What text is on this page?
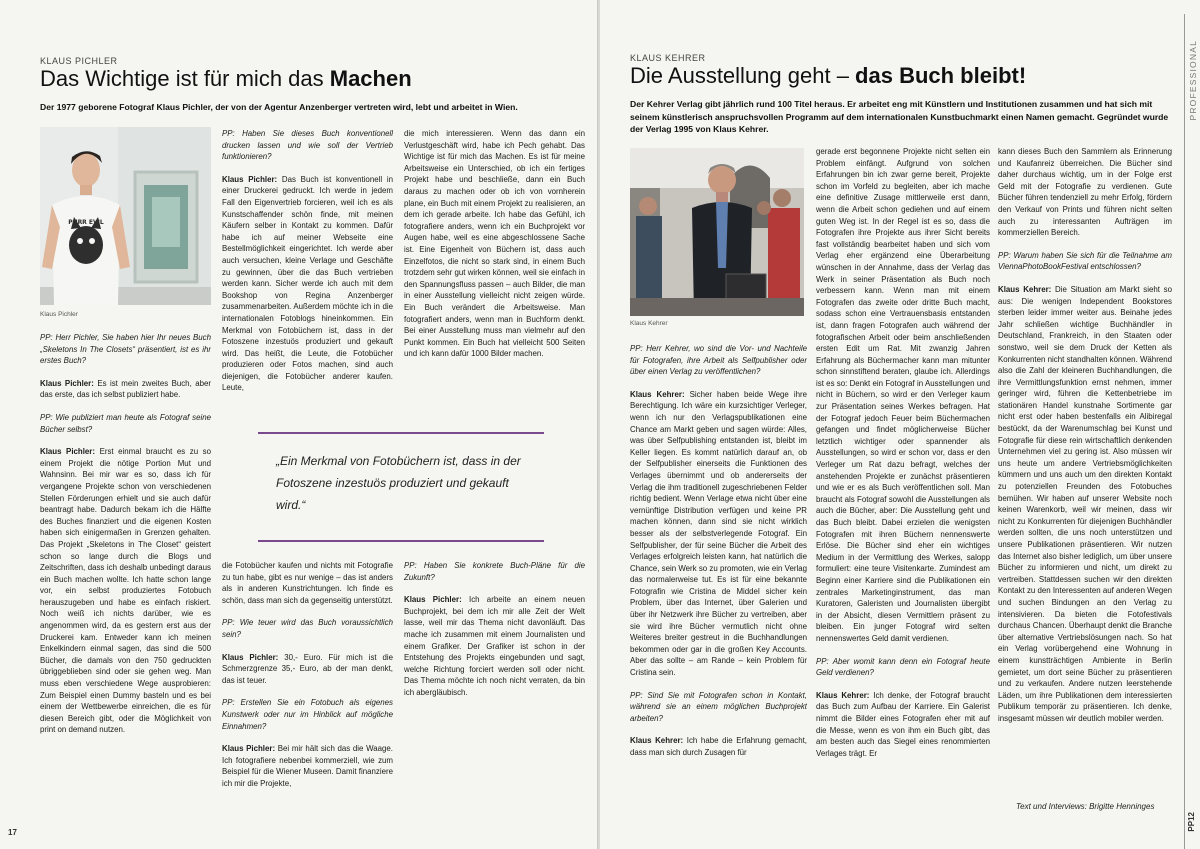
KLAUS PICHLER
Das Wichtige ist für mich das Machen
Der 1977 geborene Fotograf Klaus Pichler, der von der Agentur Anzenberger vertreten wird, lebt und arbeitet in Wien.
PURR EVIL
Klaus Pichler

PP: Herr Pichler, Sie haben hier Ihr neues Buch „Skeletons In The Closets“ präsentiert, ist es ihr erstes Buch?

Klaus Pichler: Es ist mein zweites Buch, aber das erste, das ich selbst publiziert habe.

PP: Wie publiziert man heute als Fotograf seine Bücher selbst?

Klaus Pichler: Erst einmal braucht es zu so einem Projekt die nötige Portion Mut und Wahnsinn. Bei mir war es so, dass ich für vergangene Projekte schon von verschiedenen Stellen Förderungen erhielt und sie auch dafür beantragt habe. Dadurch bekam ich die Hälfte des Buches finanziert und die eigenen Kosten haben sich einigermaßen in Grenzen gehalten. Das Projekt „Skeletons in The Closet“ geistert schon so lange durch die Blogs und Zeitschriften, dass ich deshalb unbedingt daraus ein Buch machen wollte. Ich hatte schon lange vor, ein selbst produziertes Fotobuch herauszugeben und habe es einfach riskiert. Noch weiß ich nichts darüber, wie es angenommen wird, da es gestern erst aus der Druckerei kam. Entweder kann ich meinen Enkelkindern einmal sagen, das sind die 500 Bücher, die damals von den 750 gedruckten übriggeblieben sind oder sie gehen weg. Man muss eben verschiedene Wege ausprobieren: Zum Beispiel einen Dummy basteln und es bei einem der Wettbewerbe einreichen, die es für diesen Bereich gibt, oder die Möglichkeit von print on demand nutzen.

PP: Haben Sie dieses Buch konventionell drucken lassen und wie soll der Vertrieb funktionieren?

Klaus Pichler: Das Buch ist konventionell in einer Druckerei gedruckt. Ich werde in jedem Fall den Eigenvertrieb forcieren, weil ich es als Kunstschaffender schön finde, mit meinen Käufern selber in Kontakt zu kommen. Dafür habe ich auf meiner Webseite eine Bestellmöglichkeit eingerichtet. Ich werde aber auch versuchen, kleine Verlage und Geschäfte zu gewinnen, über die das Buch vertrieben werden kann. Sicher werde ich auch mit dem Bookshop von Regina Anzenberger zusammenarbeiten. Außerdem möchte ich in die internationalen Fotoblogs hineinkommen. Ein Merkmal von Fotobüchern ist, dass in der Fotoszene inzestuös produziert und gekauft wird. Das heißt, die Leute, die Fotobücher produzieren oder Fotos machen, sind auch diejenigen, die Fotobücher anderer kaufen. Leute,

die mich interessieren. Wenn das dann ein Verlustgeschäft wird, habe ich Pech gehabt. Das Wichtige ist für mich das Machen. Es ist für meine Arbeitsweise ein Unterschied, ob ich ein fertiges Projekt habe und beschließe, dann ein Buch daraus zu machen oder ob ich von vornherein plane, ein Buch mit einem Projekt zu realisieren, an dem ich gerade arbeite. Ich habe das Gefühl, ich fotografiere anders, wenn ich ein Buchprojekt vor Augen habe, weil es eine abgeschlossene Sache ist. Eine Eigenheit von Büchern ist, dass auch Einzelfotos, die nicht so stark sind, in einem Buch trotzdem sehr gut wirken können, weil sie einfach in den Spannungsfluss passen – auch Bilder, die man in einer Ausstellung vielleicht nicht zeigen würde. Ein Buch verändert die Arbeitsweise. Man fotografiert anders, wenn man in Buchform denkt. Bei einer Ausstellung muss man vielmehr auf den Punkt kommen. Ein Buch hat vielleicht 500 Seiten und ich kann dafür 1000 Bilder machen.

„Ein Merkmal von Fotobüchern ist, dass in der Fotoszene inzestuös produziert und gekauft wird.“

die Fotobücher kaufen und nichts mit Fotografie zu tun habe, gibt es nur wenige – das ist anders als in anderen Kunstrichtungen. Ich finde es schön, dass man sich da gegenseitig unterstützt.

PP: Wie teuer wird das Buch voraussichtlich sein?

Klaus Pichler: 30,- Euro. Für mich ist die Schmerzgrenze 35,- Euro, ab der man denkt, das ist teuer.

PP: Erstellen Sie ein Fotobuch als eigenes Kunstwerk oder nur im Hinblick auf mögliche Einnahmen?

Klaus Pichler: Bei mir hält sich das die Waage. Ich fotografiere nebenbei kommerziell, wie zum Beispiel für die Wiener Museen. Damit finanziere ich mir die Projekte,

PP: Haben Sie konkrete Buch-Pläne für die Zukunft?

Klaus Pichler: Ich arbeite an einem neuen Buchprojekt, bei dem ich mir alle Zeit der Welt lasse, weil mir das Thema nicht davonläuft. Das mache ich zusammen mit einem Journalisten und einem Grafiker. Der Grafiker ist schon in der Entstehung des Projekts eingebunden und sagt, welche Richtung forciert werden soll oder nicht. Das Thema möchte ich noch nicht verraten, da bin ich abergläubisch.

17
KLAUS KEHRER
Die Ausstellung geht – das Buch bleibt!
Der Kehrer Verlag gibt jährlich rund 100 Titel heraus. Er arbeitet eng mit Künstlern und Institutionen zusammen und hat sich mit seinem künstlerisch anspruchsvollen Programm auf dem internationalen Kunstbuchmarkt einen Namen gemacht. Gegründet wurde der Verlag 1995 von Klaus Kehrer.
Klaus Kehrer

PP: Herr Kehrer, wo sind die Vor- und Nachteile für Fotografen, ihre Arbeit als Selfpublisher oder über einen Verlag zu veröffentlichen?

Klaus Kehrer: Sicher haben beide Wege ihre Berechtigung. Ich wäre ein kurzsichtiger Verleger, wenn ich nur den Verlagspublikationen eine Chance am Markt geben und sagen würde: Alles, was über Selfpublishing entstanden ist, bleibt im Keller liegen. Es kommt natürlich darauf an, ob der Selfpublisher einerseits die Funktionen des Verlages übernimmt und ob andererseits der Verlag die ihm traditionell zugeschriebenen Felder richtig bedient. Wenn Verlage etwa nicht über eine vernünftige Distribution verfügen und keine PR machen können, dann sind sie nicht wirklich besser als der selbstverlegende Fotograf. Ein Selfpublisher, der für seine Bücher die Arbeit des Verlages erfolgreich leisten kann, hat natürlich die Chance, sein Werk so zu promoten, wie ein Verlag das normalerweise tut. Es ist für eine bekannte Fotografin wie Cristina de Middel sicher kein Problem, über das Internet, über Galerien und über ihr Netzwerk ihre Bücher zu vertreiben, aber sie wird ihre Bücher vermutlich nicht ohne Weiteres breiter gestreut in die Buchhandlungen bekommen oder gar in die großen Key Accounts. Aber das sollte – am Rande – kein Problem für Cristina sein.

PP: Sind Sie mit Fotografen schon in Kontakt, während sie an einem möglichen Buchprojekt arbeiten?

Klaus Kehrer: Ich habe die Erfahrung gemacht, dass man sich durch Zusagen für

gerade erst begonnene Projekte nicht selten ein Problem einfängt. Aufgrund von solchen Erfahrungen bin ich zwar gerne bereit, Projekte schon im Vorfeld zu begleiten, aber ich mache eine definitive Zusage mittlerweile erst dann, wenn die Arbeit schon gediehen und auf einem guten Weg ist. In der Regel ist es so, dass die Fotografen ihre Projekte aus ihrer Sicht bereits fast vollständig bearbeitet haben und sich vom Verlag eher ergänzend eine Überarbeitung wünschen in der Annahme, dass der Verlag das Werk in seiner Präsentation als Buch noch verbessern kann. Wenn man mit einem Fotografen das zweite oder dritte Buch macht, sodass schon eine Vertrauensbasis entstanden ist, dann fragen Fotografen auch während der fotografischen Arbeit oder beim anschließenden ersten Edit um Rat. Mit zwanzig Jahren Erfahrung als Büchermacher kann man mitunter schon sinnstiftend beraten, glaube ich. Allerdings ist es so: Denkt ein Fotograf in Ausstellungen und nicht in Büchern, so wird er den Verleger kaum zur Präsentation seines Werkes befragen. Hat der Fotograf jedoch Feuer beim Büchermachen gefangen und findet möglicherweise Bücher letztlich wichtiger oder spannender als Ausstellungen, so wird er schon vor, dass er den Verleger um Rat dazu befragt, welches der anstehenden Projekte er zunächst präsentieren und wie er es als Buch veröffentlichen soll. Man braucht als Fotograf sowohl die Ausstellungen als auch die Bücher, aber: Die Ausstellung geht und das Buch bleibt. Dabei erzielen die wenigsten Fotografen mit ihren Büchern nennenswerte Erlöse. Die Bücher sind eher ein wichtiges Medium in der Vermittlung des Werkes, salopp formuliert: eine teure Visitenkarte. Zumindest am Beginn einer Karriere sind die Publikationen ein zentrales Marketinginstrument, das man Kuratoren, Galeristen und Journalisten übergibt in der Absicht, diesen Vermittlern präsent zu bleiben. Ein junger Fotograf wird selten nennenswertes Geld damit verdienen.

PP: Aber womit kann denn ein Fotograf heute Geld verdienen?

Klaus Kehrer: Ich denke, der Fotograf braucht das Buch zum Aufbau der Karriere. Ein Galerist nimmt die Bilder eines Fotografen eher mit auf die Messe, wenn es von ihm ein Buch gibt, das am besten auch das Siegel eines renommierten Verlages trägt. Er

kann dieses Buch den Sammlern als Erinnerung und Kaufanreiz überreichen. Die Bücher sind daher durchaus wichtig, um in der Folge erst Geld mit der Fotografie zu verdienen. Gute Bücher führen tendenziell zu mehr Erfolg, fördern den Verkauf von Prints und führen nicht selten auch zu interessanten Aufträgen im kommerziellen Bereich.

PP: Warum haben Sie sich für die Teilnahme am ViennaPhotoBookFestival entschlossen?

Klaus Kehrer: Die Situation am Markt sieht so aus: Die wenigen Independent Bookstores sterben leider immer weiter aus. Beinahe jedes Jahr schließen wichtige Buchhändler in Deutschland, Frankreich, in den Staaten oder sonstwo, weil sie dem Druck der Ketten als Konkurrenten nicht standhalten können. Während also die Zahl der kleineren Buchhandlungen, die ihre Vermittlungsfunktion ernst nehmen, immer geringer wird, führen die Kettenbetriebe im stationären Handel kunstnahe Sortimente gar nicht erst oder haben bestenfalls ein Alibiregal bestückt, da der Warenumschlag bei Kunst und Fotografie für diese rein wirtschaftlich denkenden Unternehmen viel zu gering ist. Also müssen wir uns heute um andere Vertriebsmöglichkeiten kümmern und uns auch um den direkten Kontakt zu potenziellen Freunden des Fotobuches bemühen. Wir haben auf unserer Website noch keinen Warenkorb, weil wir meinen, dass wir nicht zu Konkurrenten für diejenigen Buchhändler werden sollten, die uns noch unterstützen und unsere Publikationen präsentieren. Wir nutzen das Internet also bisher lediglich, um über unsere Bücher zu informieren und nicht, um direkt zu vertreiben. Stattdessen suchen wir den direkten Kontakt zu den Interessenten auf anderen Wegen und suchen Bindungen an den Verlag zu intensivieren. Da bieten die Fotofestivals durchaus Chancen. Überhaupt denkt die Branche über alternative Vertriebslösungen nach. So hat ein Verlag vorübergehend eine Wohnung in einem kunstträchtigen Ambiente in Berlin gemietet, um dort seine Bücher zu präsentieren und zu verkaufen. Andere nutzen leerstehende Läden, um ihre Publikationen dem interessierten Publikum temporär zu präsentieren. Ich denke, insgesamt müssen wir deutlich mobiler werden.

Text und Interviews: Brigitte Henninges
PROFESSIONAL
PP12
